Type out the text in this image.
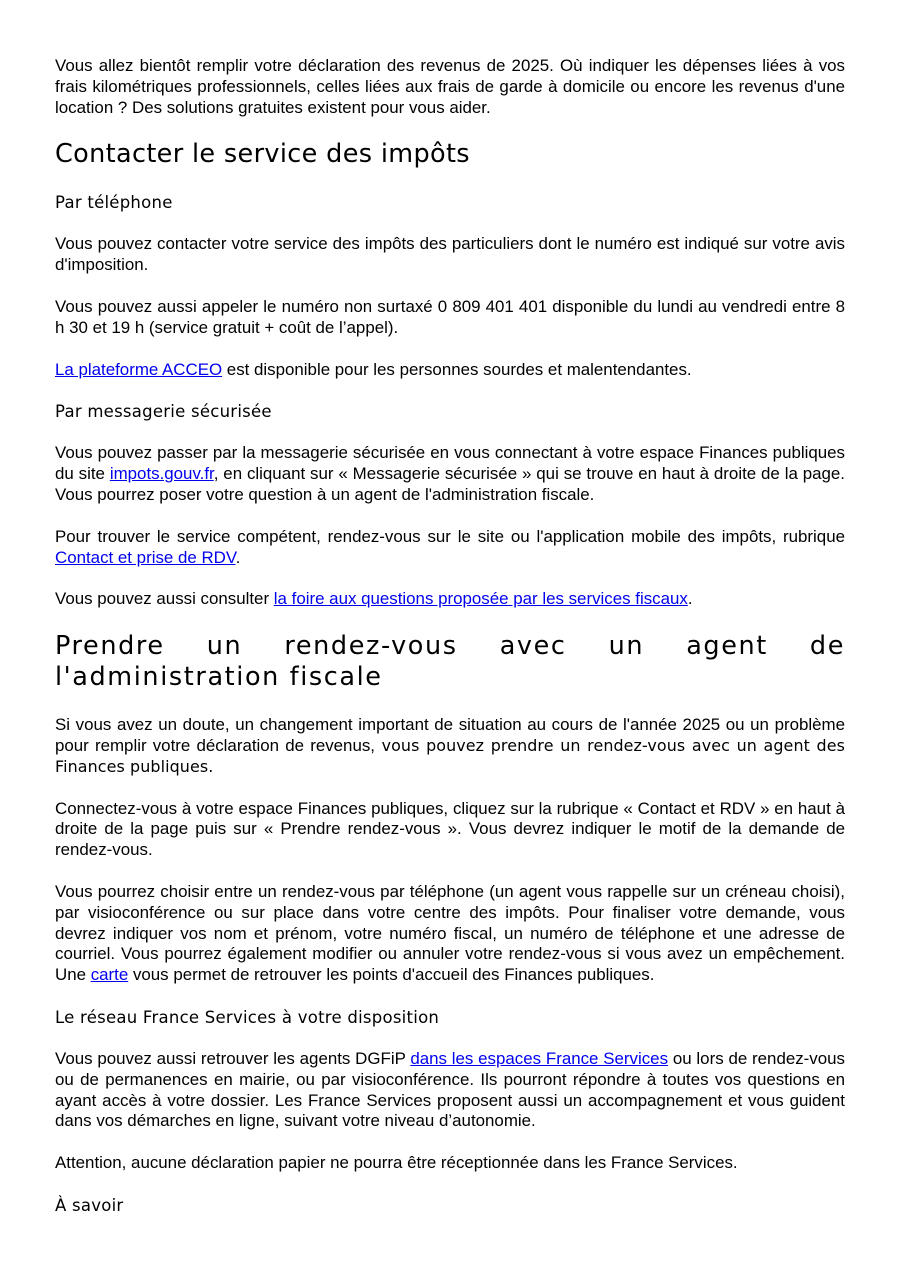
Vous allez bientôt remplir votre déclaration des revenus de 2025. Où indiquer les dépenses liées à vos frais kilométriques professionnels, celles liées aux frais de garde à domicile ou encore les revenus d'une location ? Des solutions gratuites existent pour vous aider.

Contacter le service des impôts
Par téléphone

Vous pouvez contacter votre service des impôts des particuliers dont le numéro est indiqué sur votre avis d'imposition.

Vous pouvez aussi appeler le numéro non surtaxé 0 809 401 401 disponible du lundi au vendredi entre 8 h 30 et 19 h (service gratuit + coût de l’appel).

La plateforme ACCEO est disponible pour les personnes sourdes et malentendantes.

Par messagerie sécurisée

Vous pouvez passer par la messagerie sécurisée en vous connectant à votre espace Finances publiques du site impots.gouv.fr, en cliquant sur « Messagerie sécurisée » qui se trouve en haut à droite de la page. Vous pourrez poser votre question à un agent de l'administration fiscale.

Pour trouver le service compétent, rendez-vous sur le site ou l'application mobile des impôts, rubrique Contact et prise de RDV.

Vous pouvez aussi consulter la foire aux questions proposée par les services fiscaux.

Prendre un rendez-vous avec un agent de l'administration fiscale

Si vous avez un doute, un changement important de situation au cours de l'année 2025 ou un problème pour remplir votre déclaration de revenus, vous pouvez prendre un rendez-vous avec un agent des Finances publiques.

Connectez-vous à votre espace Finances publiques, cliquez sur la rubrique « Contact et RDV » en haut à droite de la page puis sur « Prendre rendez-vous ». Vous devrez indiquer le motif de la demande de rendez-vous.

Vous pourrez choisir entre un rendez-vous par téléphone (un agent vous rappelle sur un créneau choisi), par visioconférence ou sur place dans votre centre des impôts. Pour finaliser votre demande, vous devrez indiquer vos nom et prénom, votre numéro fiscal, un numéro de téléphone et une adresse de courriel. Vous pourrez également modifier ou annuler votre rendez-vous si vous avez un empêchement. Une carte vous permet de retrouver les points d'accueil des Finances publiques.

Le réseau France Services à votre disposition

Vous pouvez aussi retrouver les agents DGFiP dans les espaces France Services ou lors de rendez-vous ou de permanences en mairie, ou par visioconférence. Ils pourront répondre à toutes vos questions en ayant accès à votre dossier. Les France Services proposent aussi un accompagnement et vous guident dans vos démarches en ligne, suivant votre niveau d’autonomie.

Attention, aucune déclaration papier ne pourra être réceptionnée dans les France Services.

À savoir
